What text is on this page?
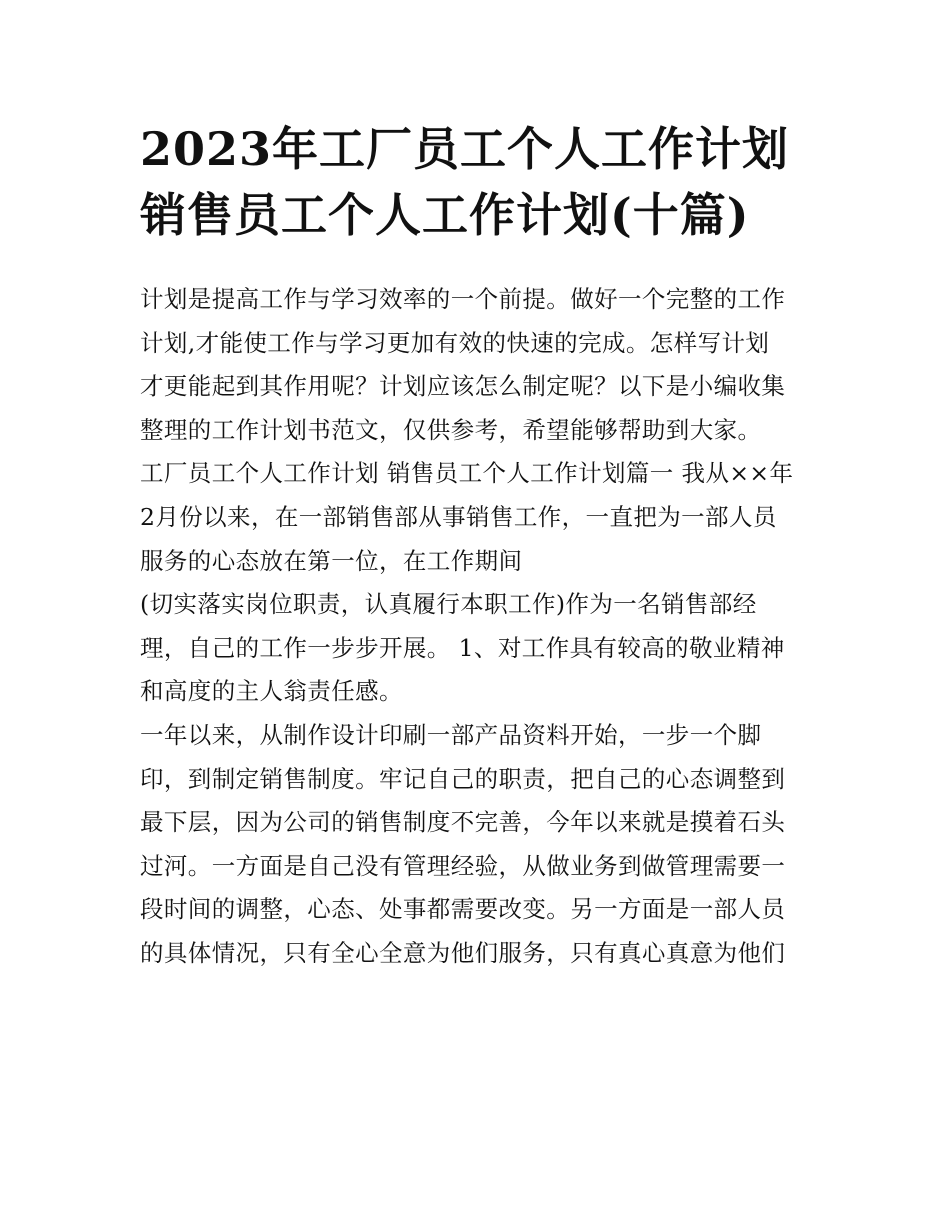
2023年工厂员工个人工作计划
销售员工个人工作计划(十篇)
计划是提高工作与学习效率的一个前提。做好一个完整的工作
计划,才能使工作与学习更加有效的快速的完成。怎样写计划
才更能起到其作用呢？计划应该怎么制定呢？以下是小编收集
整理的工作计划书范文，仅供参考，希望能够帮助到大家。
工厂员工个人工作计划 销售员工个人工作计划篇一 我从××年
2月份以来，在一部销售部从事销售工作，一直把为一部人员
服务的心态放在第一位，在工作期间
(切实落实岗位职责，认真履行本职工作)作为一名销售部经
理，自己的工作一步步开展。 1、对工作具有较高的敬业精神
和高度的主人翁责任感。
一年以来，从制作设计印刷一部产品资料开始，一步一个脚
印，到制定销售制度。牢记自己的职责，把自己的心态调整到
最下层，因为公司的销售制度不完善，今年以来就是摸着石头
过河。一方面是自己没有管理经验，从做业务到做管理需要一
段时间的调整，心态、处事都需要改变。另一方面是一部人员
的具体情况，只有全心全意为他们服务，只有真心真意为他们
